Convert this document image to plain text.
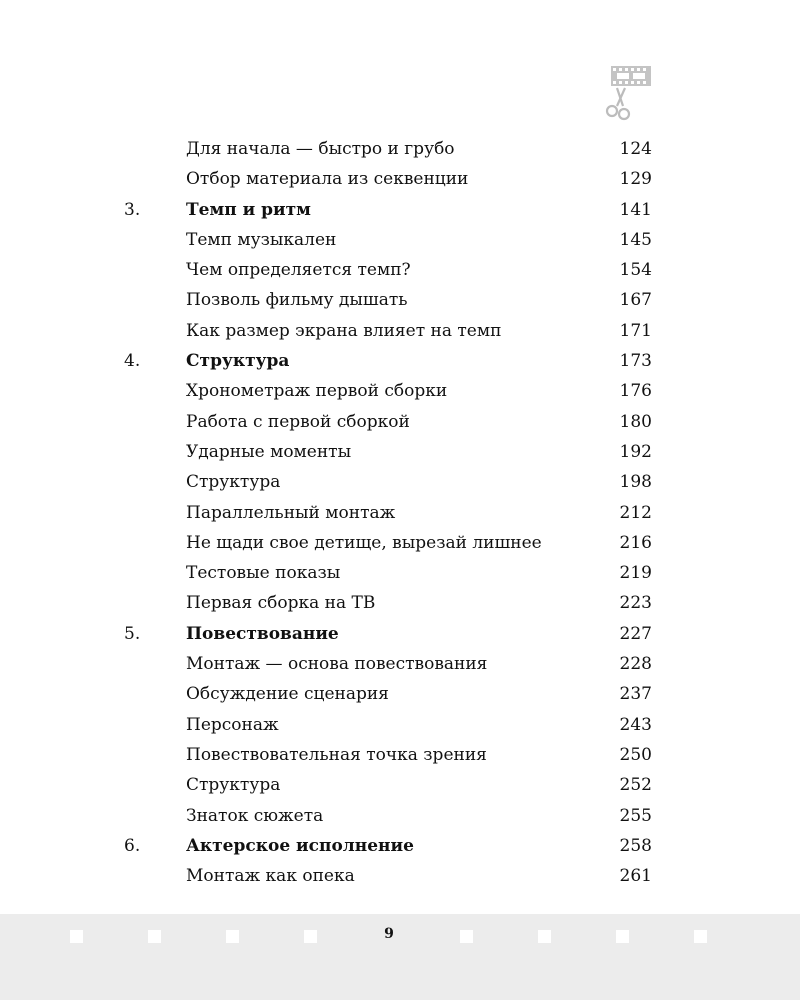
Для начала — быстро и грубо	124
Отбор материала из секвенции	129
3.	Темп и ритм	141
Темп музыкален	145
Чем определяется темп?	154
Позволь фильму дышать	167
Как размер экрана влияет на темп	171
4.	Структура	173
Хронометраж первой сборки	176
Работа с первой сборкой	180
Ударные моменты	192
Структура	198
Параллельный монтаж	212
Не щади свое детище, вырезай лишнее	216
Тестовые показы	219
Первая сборка на ТВ	223
5.	Повествование	227
Монтаж — основа повествования	228
Обсуждение сценария	237
Персонаж	243
Повествовательная точка зрения	250
Структура	252
Знаток сюжета	255
6.	Актерское исполнение	258
Монтаж как опека	261
9
